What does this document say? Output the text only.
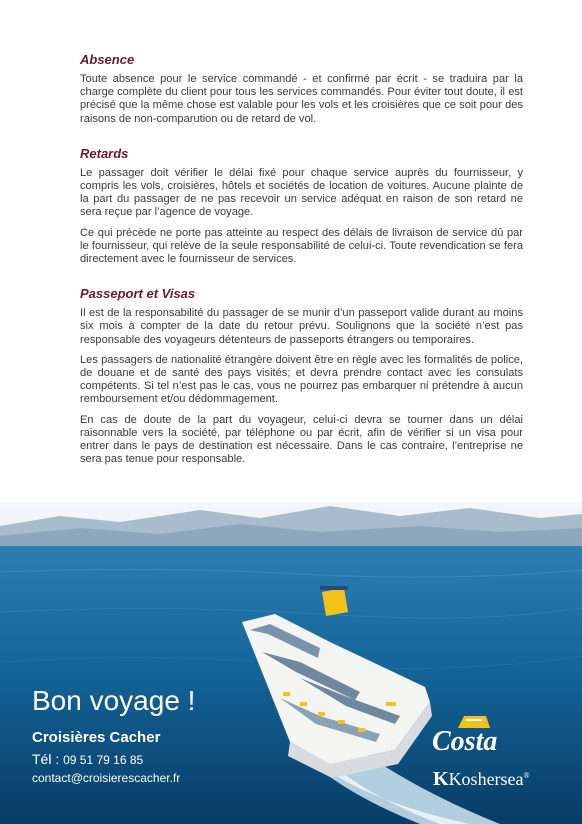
Absence

Toute absence pour le service commandé - et confirmé par écrit - se traduira par la charge complète du client pour tous les services commandés. Pour éviter tout doute, il est précisé que la même chose est valable pour les vols et les croisières que ce soit pour des raisons de non-comparution ou de retard de vol.

Retards

Le passager doit vérifier le délai fixé pour chaque service auprès du fournisseur, y compris les vols, croisières, hôtels et sociétés de location de voitures. Aucune plainte de la part du passager de ne pas recevoir un service adéquat en raison de son retard ne sera reçue par l’agence de voyage.

Ce qui précède ne porte pas atteinte au respect des délais de livraison de service dû par le fournisseur, qui relève de la seule responsabilité de celui-ci. Toute revendication se fera directement avec le fournisseur de services.

Passeport et Visas

Il est de la responsabilité du passager de se munir d’un passeport valide durant au moins six mois à compter de la date du retour prévu. Soulignons que la société n’est pas responsable des voyageurs détenteurs de passeports étrangers ou temporaires.

Les passagers de nationalité étrangère doivent être en règle avec les formalités de police, de douane et de santé des pays visités; et devra prendre contact avec les consulats compétents. Si tel n’est pas le cas, vous ne pourrez pas embarquer ni prétendre à aucun remboursement et/ou dédommagement.

En cas de doute de la part du voyageur, celui-ci devra se tourner dans un délai raisonnable vers la société, par téléphone ou par écrit, afin de vérifier si un visa pour entrer dans le pays de destination est nécessaire. Dans le cas contraire, l’entreprise ne sera pas tenue pour responsable.

Bon voyage !
Croisières Cacher
Tél : 09 51 79 16 85
contact@croisierescacher.fr
Costa
KKoshersea®
